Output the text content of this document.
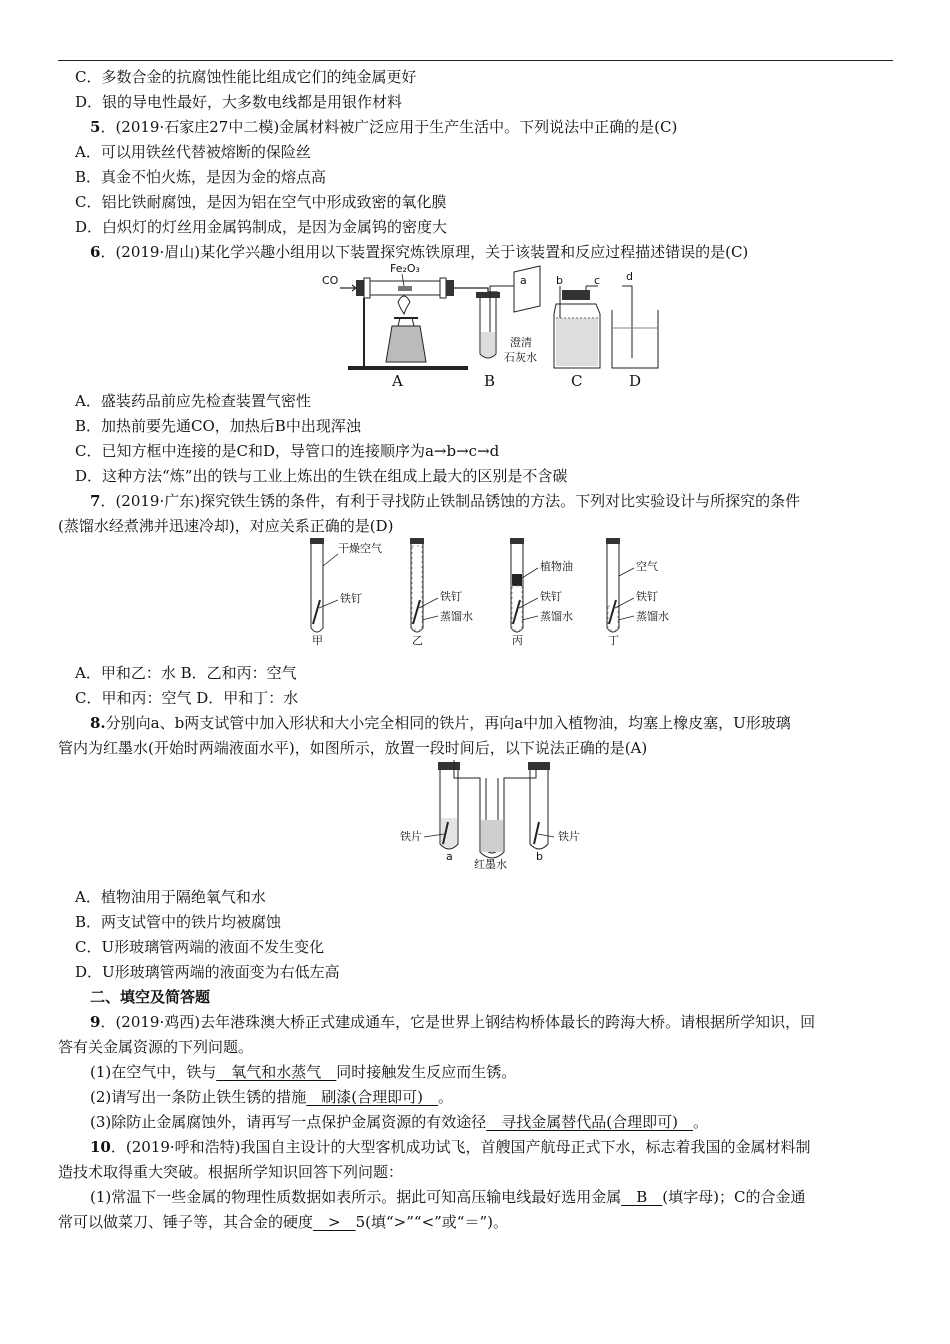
C．多数合金的抗腐蚀性能比组成它们的纯金属更好
D．银的导电性最好，大多数电线都是用银作材料
5．(2019·石家庄27中二模)金属材料被广泛应用于生产生活中。下列说法中正确的是(C)
A．可以用铁丝代替被熔断的保险丝
B．真金不怕火炼，是因为金的熔点高
C．铝比铁耐腐蚀，是因为铝在空气中形成致密的氧化膜
D．白炽灯的灯丝用金属钨制成，是因为金属钨的密度大
6．(2019·眉山)某化学兴趣小组用以下装置探究炼铁原理，关于该装置和反应过程描述错误的是(C)
CO
Fe₂O₃
澄清
石灰水
a	b	c d
A	B	C	D
A．盛装药品前应先检查装置气密性
B．加热前要先通CO，加热后B中出现浑浊
C．已知方框中连接的是C和D，导管口的连接顺序为a→b→c→d
D．这种方法“炼”出的铁与工业上炼出的生铁在组成上最大的区别是不含碳
7．(2019·广东)探究铁生锈的条件，有利于寻找防止铁制品锈蚀的方法。下列对比实验设计与所探究的条件
(蒸馏水经煮沸并迅速冷却)，对应关系正确的是(D)
干燥空气
铁钉
甲
铁钉
蒸馏水
乙
植物油
铁钉
蒸馏水
丙
空气
铁钉
蒸馏水
丁
A．甲和乙：水 B．乙和丙：空气
C．甲和丙：空气 D．甲和丁：水
8.分别向a、b两支试管中加入形状和大小完全相同的铁片，再向a中加入植物油，均塞上橡皮塞，U形玻璃
管内为红墨水(开始时两端液面水平)，如图所示，放置一段时间后，以下说法正确的是(A)
铁片	铁片
a	b
红墨水
A．植物油用于隔绝氧气和水
B．两支试管中的铁片均被腐蚀
C．U形玻璃管两端的液面不发生变化
D．U形玻璃管两端的液面变为右低左高
二、填空及简答题
9．(2019·鸡西)去年港珠澳大桥正式建成通车，它是世界上钢结构桥体最长的跨海大桥。请根据所学知识，回
答有关金属资源的下列问题。
(1)在空气中，铁与__氧气和水蒸气__同时接触发生反应而生锈。
(2)请写出一条防止铁生锈的措施__刷漆(合理即可)__。
(3)除防止金属腐蚀外，请再写一点保护金属资源的有效途径__寻找金属替代品(合理即可)__。
10．(2019·呼和浩特)我国自主设计的大型客机成功试飞，首艘国产航母正式下水，标志着我国的金属材料制
造技术取得重大突破。根据所学知识回答下列问题：
(1)常温下一些金属的物理性质数据如表所示。据此可知高压输电线最好选用金属__B__(填字母)；C的合金通
常可以做菜刀、锤子等，其合金的硬度__>__5(填“>”“<”或“＝”)。
